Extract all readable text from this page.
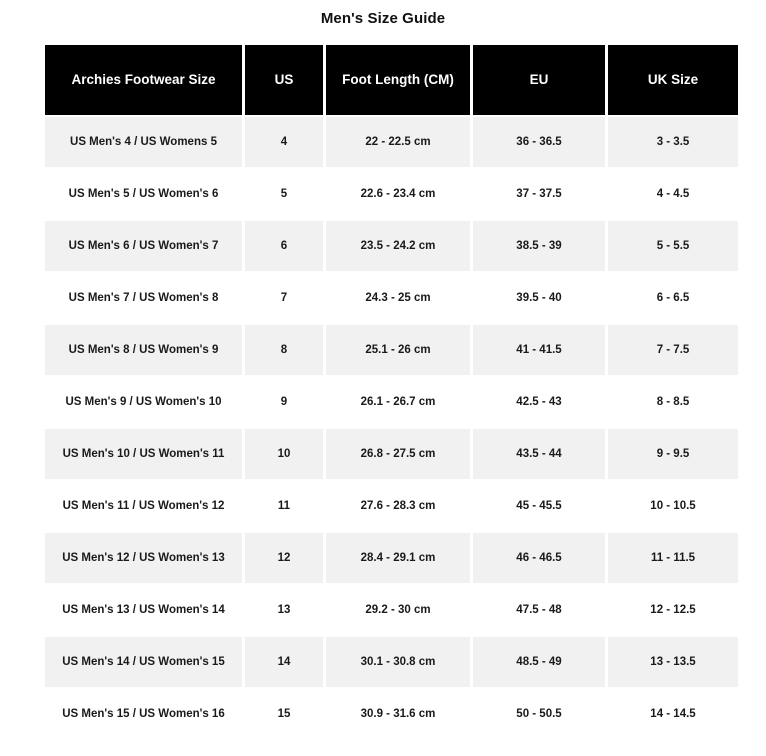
Men's Size Guide
Archies Footwear Size	US	Foot Length (CM)	EU	UK Size
US Men's 4 / US Womens 5	4	22 - 22.5 cm	36 - 36.5	3 - 3.5
US Men's 5 / US Women's 6	5	22.6 - 23.4 cm	37 - 37.5	4 - 4.5
US Men's 6 / US Women's 7	6	23.5 - 24.2 cm	38.5 - 39	5 - 5.5
US Men's 7 / US Women's 8	7	24.3 - 25 cm	39.5 - 40	6 - 6.5
US Men's 8 / US Women's 9	8	25.1 - 26 cm	41 - 41.5	7 - 7.5
US Men's 9 / US Women's 10	9	26.1 - 26.7 cm	42.5 - 43	8 - 8.5
US Men's 10 / US Women's 11	10	26.8 - 27.5 cm	43.5 - 44	9 - 9.5
US Men's 11 / US Women's 12	11	27.6 - 28.3 cm	45 - 45.5	10 - 10.5
US Men's 12 / US Women's 13	12	28.4 - 29.1 cm	46 - 46.5	11 - 11.5
US Men's 13 / US Women's 14	13	29.2 - 30 cm	47.5 - 48	12 - 12.5
US Men's 14 / US Women's 15	14	30.1 - 30.8 cm	48.5 - 49	13 - 13.5
US Men's 15 / US Women's 16	15	30.9 - 31.6 cm	50 - 50.5	14 - 14.5
